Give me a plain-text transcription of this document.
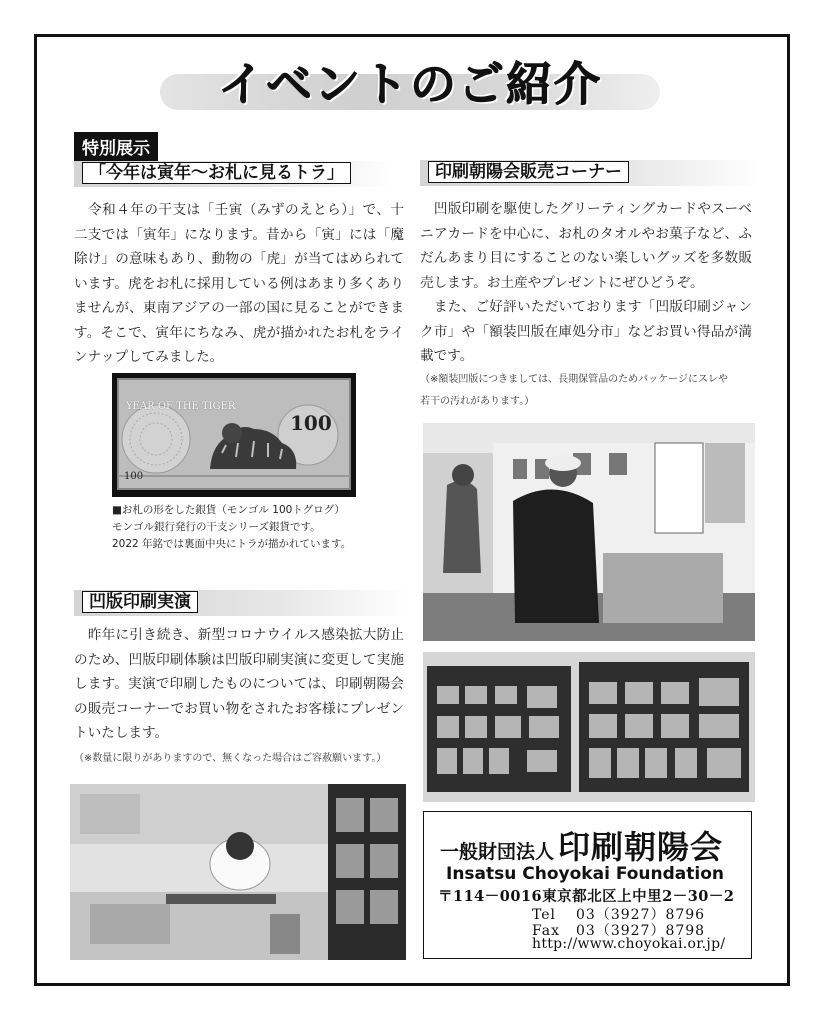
イベントのご紹介
特別展示
「今年は寅年～お札に見るトラ」
　令和４年の干支は「壬寅（みずのえとら）」で、十二支では「寅年」になります。昔から「寅」には「魔除け」の意味もあり、動物の「虎」が当てはめられています。虎をお札に採用している例はあまり多くありませんが、東南アジアの一部の国に見ることができます。そこで、寅年にちなみ、虎が描かれたお札をラインナップしてみました。
YEAR OF THE TIGER
100
100
■お札の形をした銀貨（モンゴル 100トグログ）
モンゴル銀行発行の干支シリーズ銀貨です。
2022 年銘では裏面中央にトラが描かれています。
凹版印刷実演
　昨年に引き続き、新型コロナウイルス感染拡大防止のため、凹版印刷体験は凹版印刷実演に変更して実施します。実演で印刷したものについては、印刷朝陽会の販売コーナーでお買い物をされたお客様にプレゼントいたします。
（※数量に限りがありますので、無くなった場合はご容赦願います。）
印刷朝陽会販売コーナー
　凹版印刷を駆使したグリーティングカードやスーベニアカードを中心に、お札のタオルやお菓子など、ふだんあまり目にすることのない楽しいグッズを多数販売します。お土産やプレゼントにぜひどうぞ。
　また、ご好評いただいております「凹版印刷ジャンク市」や「額装凹版在庫処分市」などお買い得品が満載です。
（※額装凹版につきましては、長期保管品のためパッケージにスレや
若干の汚れがあります。）
一般財団法人 印刷朝陽会
Insatsu Choyokai Foundation
〒114－0016東京都北区上中里2－30－2
Tel 03（3927）8796
Fax 03（3927）8798
http://www.choyokai.or.jp/
